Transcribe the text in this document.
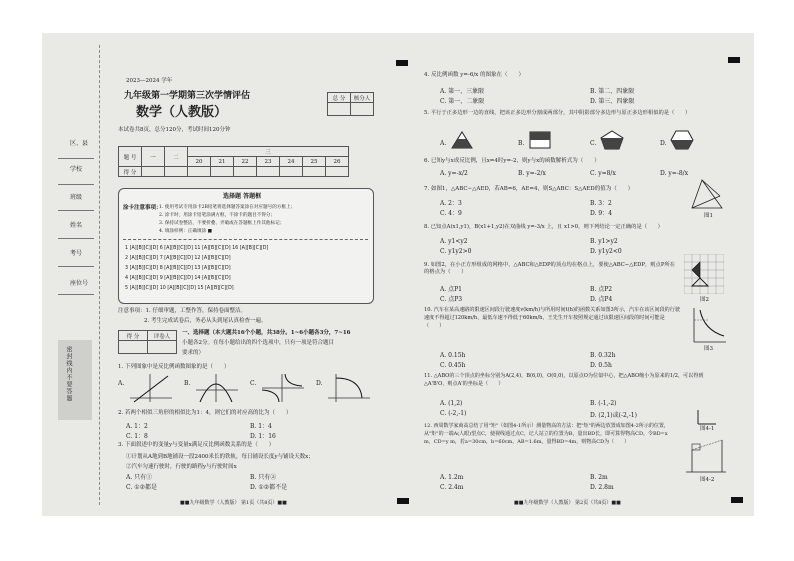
区、县
学校
班级
姓名
考号
座位号
密封线内不要答题
2023—2024 学年
九年级第一学期第三次学情评估
数学（人教版）
本试卷共8页，总分120分，考试时间120分钟
总 分	核分人

题 号	一	二	三						
			20	21	22	23	24	25	26
得 分									
选择题 答题框
涂卡注意事项：
1. 使用考试专用涂卡2B铅笔将选择题答案涂在对应题号的方框上；
2. 涂卡时，用涂卡铅笔涂满方框，不涂卡的题目不得分；
3. 保持试卷整洁，不要折叠、弄破或在答题框上作其他标记；
4. 填涂样例：正确填涂 ■
1 [A][B][C][D] 6 [A][B][C][D] 11 [A][B][C][D] 16 [A][B][C][D]
2 [A][B][C][D] 7 [A][B][C][D] 12 [A][B][C][D]
3 [A][B][C][D] 8 [A][B][C][D] 13 [A][B][C][D]
4 [A][B][C][D] 9 [A][B][C][D] 14 [A][B][C][D]
5 [A][B][C][D] 10 [A][B][C][D] 15 [A][B][C][D]
注意事项：1. 仔细审题，工整作答，保持卷面整洁。
2. 考生完成试卷后，务必从头到尾认真检查一遍。
得 分	评卷人

一、选择题（本大题共16个小题，共38分。1~6小题各3分，7~16
小题各2分。在每小题给出的四个选项中，只有一项是符合题目
要求的）
1. 下列图象中是反比例函数图象的是（　　）
A.	B.	C.	D.
2. 若两个相似三角形的相似比为1：4，则它们的对应高的比为（　　）
A. 1：2	B. 1：4
C. 1：8	D. 1：16
3. 下面叙述中的变量y与变量x满足反比例函数关系的是（　　）
①计划从A地到B地铺设一段2400米长的铁轨，每日铺设长度y与铺设天数x；
②汽车匀速行驶时，行驶的路程y与行驶时间x
A. 只有①	B. 只有②
C. ①②都是	D. ①②都不是
■■九年级数学（人教版） 第1页（共8页）■■
4. 反比例函数 y=-6/x 的图象在（　　）
A. 第一、三象限	B. 第二、四象限
C. 第一、二象限	D. 第三、四象限
5. 平行于正多边形一边的直线，把该正多边形分割成两部分，其中阴影部分多边形与原正多边形相似的是（　　）
A.	B.	C.	D.
6. 已知y与x成反比例，且x=4时y=-2，则y与x的函数解析式为（　　）
A. y=-x/2	B. y=-2/x	C. y=8/x	D. y=-8/x
7. 如图1，△ABC∽△AED，若AB=6，AE=4，则S△ABC：S△AED的值为（　　）
A. 2：3	B. 3：2
C. 4：9	D. 9：4	图1
8. 已知点A(x1,y1)，B(x1+1,y2)在双曲线 y=-3/x 上，且 x1>0，则下列结论一定正确的是（　　）
A. y1<y2	B. y1>y2
C. y1y2>0	D. y1y2<0
9. 如图2，在小正方形组成的网格中，△ABC和△EDP的顶点均在格点上，要使△ABC∽△EDP，则点P所在的格点为（　　）
A. 点P1	B. 点P2
C. 点P3	D. 点P4	图2
10. 汽车在某高速路的限速区间段行驶速度v(km/h)与所用时间t(h)的函数关系如图3所示，汽车在该区间段的行驶速度不得超过120km/h，最低车速不得低于60km/h，王先生开车按照规定通过该限速区间段的时间可能是（　　）
A. 0.15h	B. 0.32h
C. 0.45h	D. 0.5h
图3
11. △ABO的三个顶点的坐标分别为A(2,4)，B(6,0)，O(0,0)，以原点O为位似中心，把△ABO缩小为原来的1/2，可以得到△A'B'O，则点A'的坐标是（　　）
A. (1,2)	B. (-1,-2)
C. (-2,-1)	D. (2,1)或(-2,-1)
12. 西周数学家商高总结了用"矩"（如图4-1所示）测量物高的方法：把"矩"的两边放置成如图4-2所示的位置，从"矩"的一端A(人眼)望点C，使视线通过点C，记人站立的位置为B，量出BD长，即可算得物高CD。令BD=x m，CD=y m，若a=30cm，b=60cm，AB=1.6m，量得BD=4m，则物高CD为（　　）
A. 1.2m	B. 2m
C. 2.4m	D. 2.8m
图4-1
图4-2
■■九年级数学（人教版） 第2页（共8页）■■
